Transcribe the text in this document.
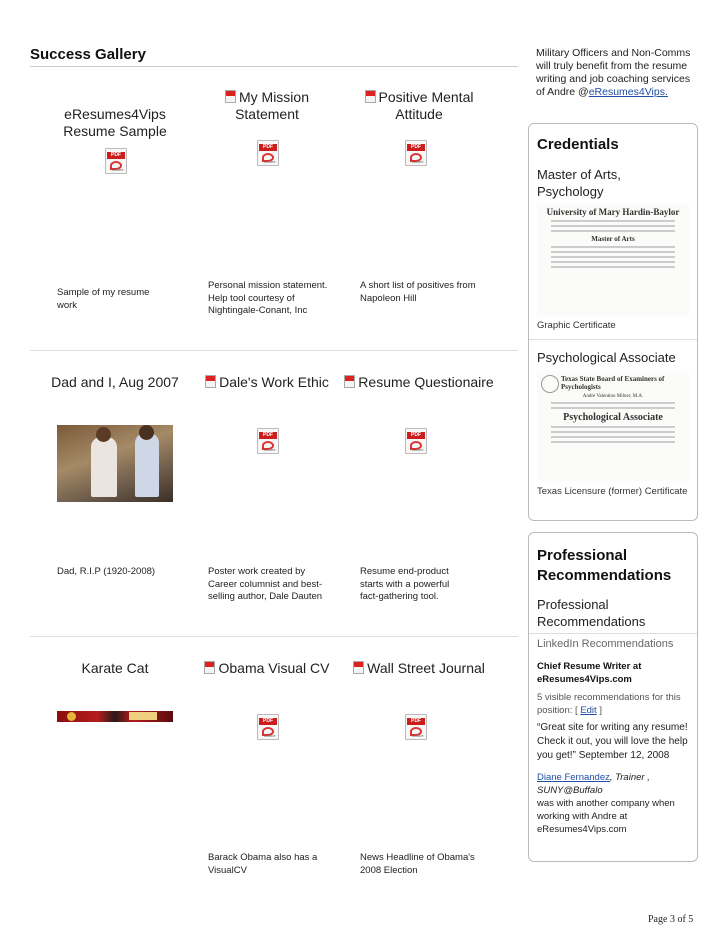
Success Gallery
eResumes4Vips Resume Sample
My Mission Statement
Positive Mental Attitude
PDF
Adobe
PDF
Adobe
PDF
Adobe
Sample of my resume work
Personal mission statement. Help tool courtesy of Nightingale-Conant, Inc
A short list of positives from Napoleon Hill
Dad and I, Aug 2007	Dale's Work Ethic	Resume Questionaire
PDF
Adobe
PDF
Adobe
Dad, R.I.P (1920-2008)	Poster work created by Career columnist and best-selling author, Dale Dauten
Resume end-product starts with a powerful fact-gathering tool.
Karate Cat	Obama Visual CV	Wall Street Journal
PDF
Adobe
PDF
Adobe
Barack Obama also has a VisualCV
News Headline of Obama's 2008 Election
Military Officers and Non-Comms will truly benefit from the resume writing and job coaching services of Andre @eResumes4Vips.
Credentials
Master of Arts, Psychology
University of Mary Hardin-Baylor
Master of Arts
Graphic Certificate
Psychological Associate
Texas State Board of Examiners of Psychologists
Andre Valentino Milner, M.A.
Psychological Associate
Texas Licensure (former) Certificate
Professional Recommendations
Professional Recommendations
LinkedIn Recommendations
Chief Resume Writer at eResumes4Vips.com
5 visible recommendations for this position: [ Edit ]
“Great site for writing any resume! Check it out, you will love the help you get!” September 12, 2008
Diane Fernandez, Trainer , SUNY@Buffalo
was with another company when working with Andre at eResumes4Vips.com
Page 3 of 5
